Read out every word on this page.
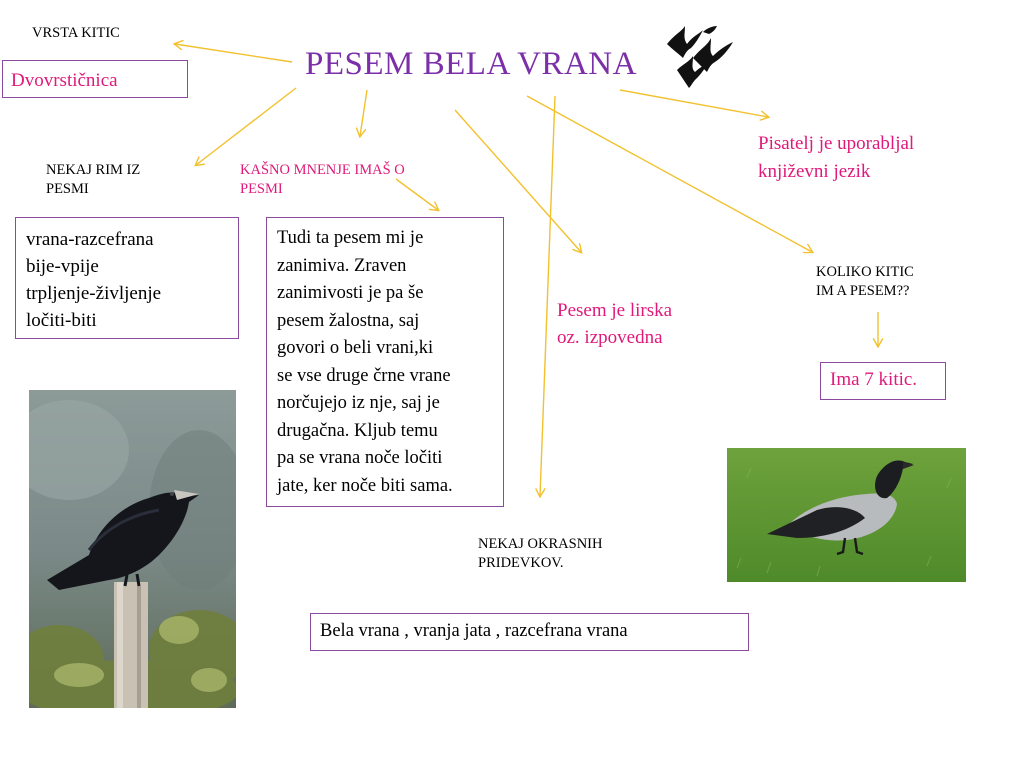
PESEM BELA VRANA
VRSTA KITIC
Dvovrstičnica
NEKAJ RIM IZ
PESMI
vrana-razcefrana
bije-vpije
trpljenje-življenje
ločiti-biti
KAŠNO MNENJE IMAŠ O
PESMI
Tudi ta pesem mi je
zanimiva. Zraven
zanimivosti je pa še
pesem žalostna, saj
govori o beli vrani,ki
se vse druge črne vrane
norčujejo iz nje, saj je
drugačna. Kljub temu
pa se vrana noče ločiti
jate, ker noče biti sama.
Pesem je lirska
oz. izpovedna
Pisatelj je uporabljal
književni jezik
KOLIKO KITIC
IM A PESEM??
Ima 7 kitic.
NEKAJ OKRASNIH
PRIDEVKOV.
Bela vrana , vranja jata , razcefrana vrana
